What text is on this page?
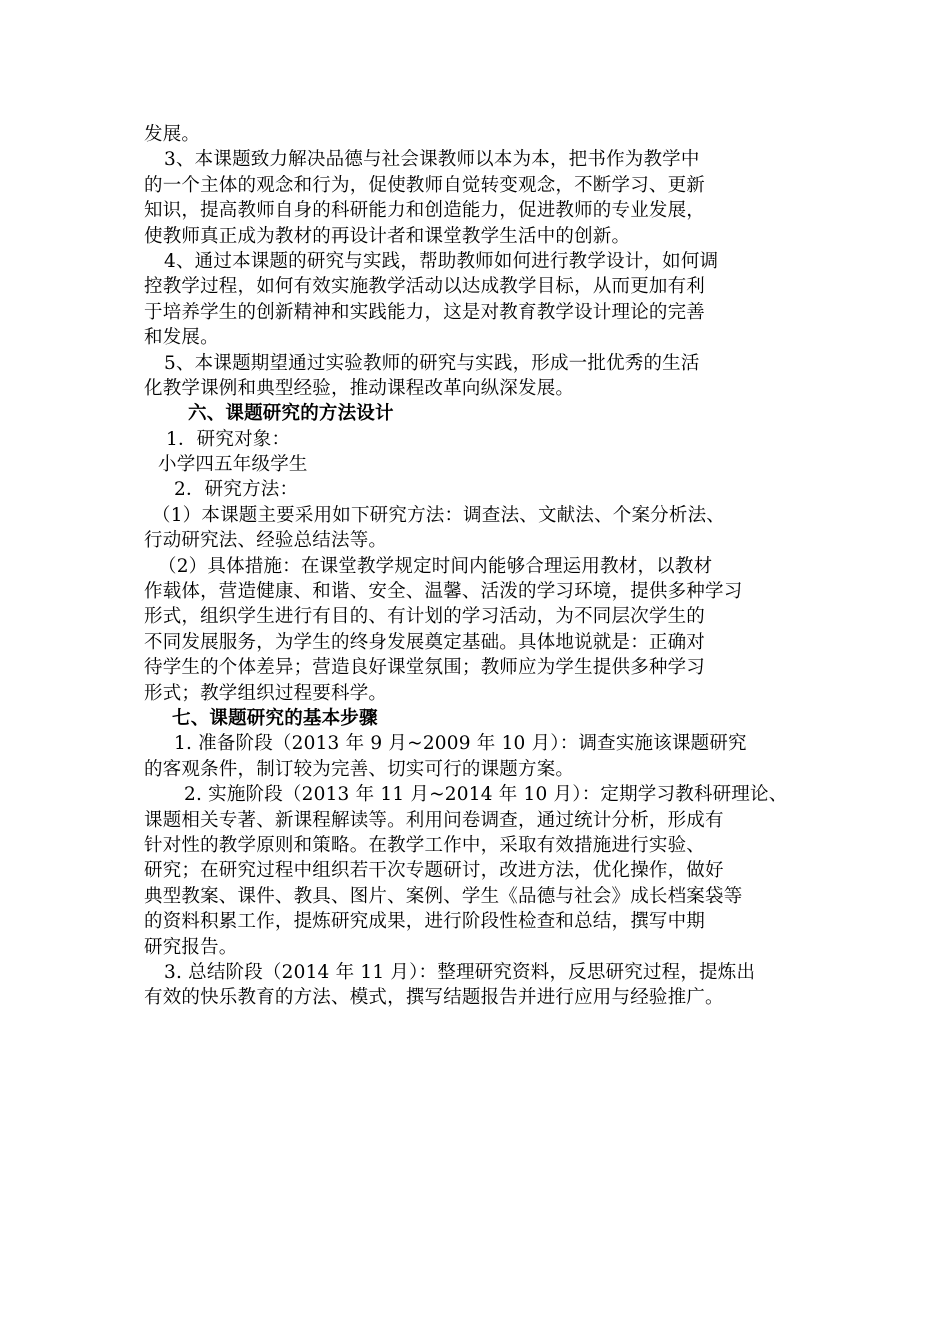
发展。
3、本课题致力解决品德与社会课教师以本为本，把书作为教学中
的一个主体的观念和行为，促使教师自觉转变观念，不断学习、更新
知识，提高教师自身的科研能力和创造能力，促进教师的专业发展，
使教师真正成为教材的再设计者和课堂教学生活中的创新。
4、通过本课题的研究与实践，帮助教师如何进行教学设计，如何调
控教学过程，如何有效实施教学活动以达成教学目标，从而更加有利
于培养学生的创新精神和实践能力，这是对教育教学设计理论的完善
和发展。
5、本课题期望通过实验教师的研究与实践，形成一批优秀的生活
化教学课例和典型经验，推动课程改革向纵深发展。
六、课题研究的方法设计
1．研究对象：
小学四五年级学生
2．研究方法：
（1）本课题主要采用如下研究方法：调查法、文献法、个案分析法、
行动研究法、经验总结法等。
（2）具体措施：在课堂教学规定时间内能够合理运用教材，以教材
作载体，营造健康、和谐、安全、温馨、活泼的学习环境，提供多种学习
形式，组织学生进行有目的、有计划的学习活动，为不同层次学生的
不同发展服务，为学生的终身发展奠定基础。具体地说就是：正确对
待学生的个体差异；营造良好课堂氛围；教师应为学生提供多种学习
形式；教学组织过程要科学。
七、课题研究的基本步骤
1. 准备阶段（2013 年 9 月~2009 年 10 月）：调查实施该课题研究
的客观条件，制订较为完善、切实可行的课题方案。
2. 实施阶段（2013 年 11 月~2014 年 10 月）：定期学习教科研理论、
课题相关专著、新课程解读等。利用问卷调查，通过统计分析，形成有
针对性的教学原则和策略。在教学工作中，采取有效措施进行实验、
研究；在研究过程中组织若干次专题研讨，改进方法，优化操作，做好
典型教案、课件、教具、图片、案例、学生《品德与社会》成长档案袋等
的资料积累工作，提炼研究成果，进行阶段性检查和总结，撰写中期
研究报告。
3. 总结阶段（2014 年 11 月）：整理研究资料，反思研究过程，提炼出
有效的快乐教育的方法、模式，撰写结题报告并进行应用与经验推广。
